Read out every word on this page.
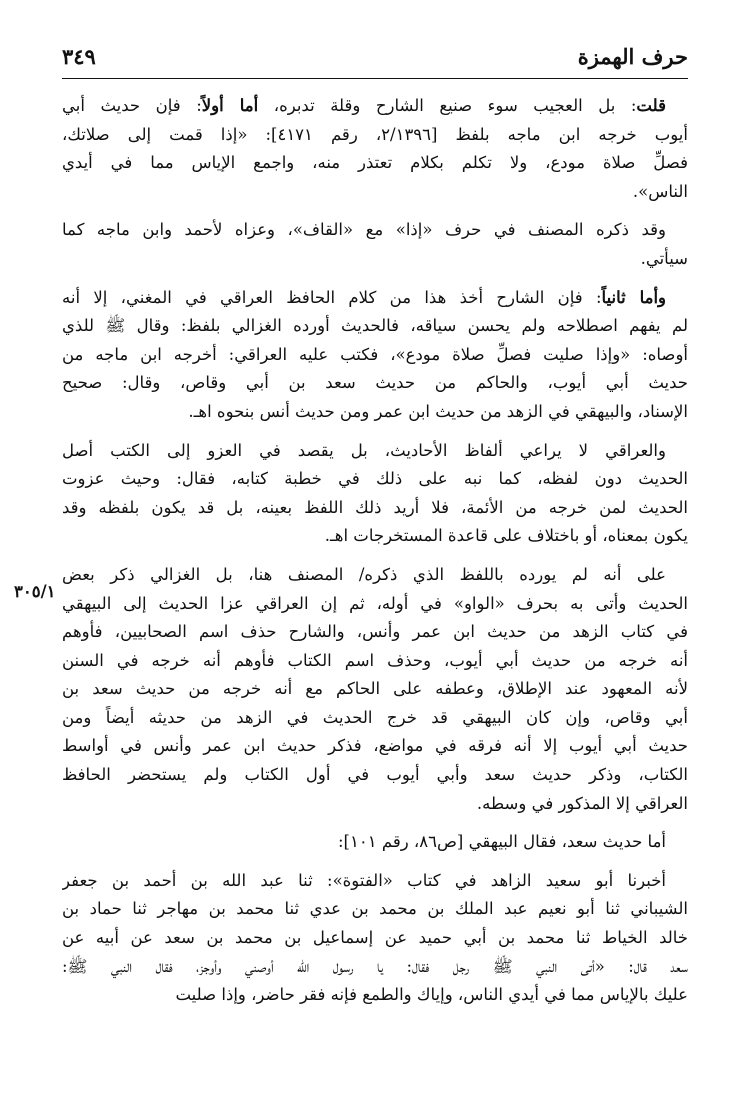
حرف الهمزة
٣٤٩
٣٠٥/١
قلت: بل العجيب سوء صنيع الشارح وقلة تدبره، أما أولاً: فإن حديث أبي
أيوب خرجه ابن ماجه بلفظ [٢/١٣٩٦، رقم ٤١٧١]: «إذا قمت إلى صلاتك،
فصلِّ صلاة مودع، ولا تكلم بكلام تعتذر منه، واجمع الإياس مما في أيدي
الناس».
وقد ذكره المصنف في حرف «إذا» مع «القاف»، وعزاه لأحمد وابن ماجه كما
سيأتي.
وأما ثانياً: فإن الشارح أخذ هذا من كلام الحافظ العراقي في المغني، إلا أنه
لم يفهم اصطلاحه ولم يحسن سياقه، فالحديث أورده الغزالي بلفظ: وقال ﷺ للذي
أوصاه: «وإذا صليت فصلِّ صلاة مودع»، فكتب عليه العراقي: أخرجه ابن ماجه من
حديث أبي أيوب، والحاكم من حديث سعد بن أبي وقاص، وقال: صحيح
الإسناد، والبيهقي في الزهد من حديث ابن عمر ومن حديث أنس بنحوه اهـ.
والعراقي لا يراعي ألفاظ الأحاديث، بل يقصد في العزو إلى الكتب أصل
الحديث دون لفظه، كما نبه على ذلك في خطبة كتابه، فقال: وحيث عزوت
الحديث لمن خرجه من الأئمة، فلا أريد ذلك اللفظ بعينه، بل قد يكون بلفظه وقد
يكون بمعناه، أو باختلاف على قاعدة المستخرجات اهـ.
على أنه لم يورده باللفظ الذي ذكره/ المصنف هنا، بل الغزالي ذكر بعض
الحديث وأتى به بحرف «الواو» في أوله، ثم إن العراقي عزا الحديث إلى البيهقي
في كتاب الزهد من حديث ابن عمر وأنس، والشارح حذف اسم الصحابيين، فأوهم
أنه خرجه من حديث أبي أيوب، وحذف اسم الكتاب فأوهم أنه خرجه في السنن
لأنه المعهود عند الإطلاق، وعطفه على الحاكم مع أنه خرجه من حديث سعد بن
أبي وقاص، وإن كان البيهقي قد خرج الحديث في الزهد من حديثه أيضاً ومن
حديث أبي أيوب إلا أنه فرقه في مواضع، فذكر حديث ابن عمر وأنس في أواسط
الكتاب، وذكر حديث سعد وأبي أيوب في أول الكتاب ولم يستحضر الحافظ
العراقي إلا المذكور في وسطه.
أما حديث سعد، فقال البيهقي [ص٨٦، رقم ١٠١]:
أخبرنا أبو سعيد الزاهد في كتاب «الفتوة»: ثنا عبد الله بن أحمد بن جعفر
الشيباني ثنا أبو نعيم عبد الملك بن محمد بن عدي ثنا محمد بن مهاجر ثنا حماد بن
خالد الخياط ثنا محمد بن أبي حميد عن إسماعيل بن محمد بن سعد عن أبيه عن
سعد قال: «أتى النبي ﷺ رجل فقال: يا رسول الله أوصني وأوجز، فقال النبي ﷺ:
عليك بالإياس مما في أيدي الناس، وإياك والطمع فإنه فقر حاضر، وإذا صليت
